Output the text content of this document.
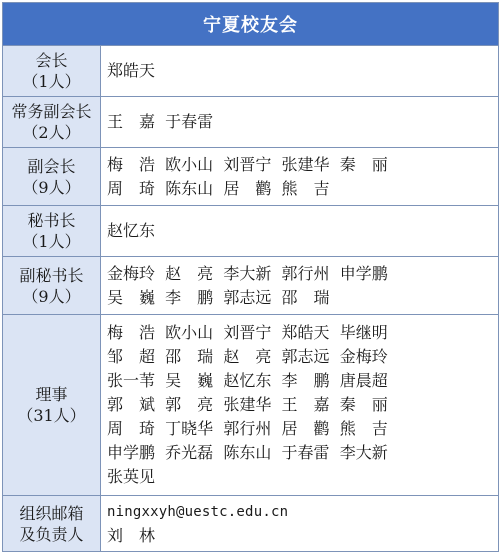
宁夏校友会
会长
（1人）
郑皓天
常务副会长
（2人）
王　嘉  于春雷
副会长
（9人）
梅　浩  欧小山  刘晋宁  张建华  秦　丽
周　琦  陈东山  居　鹳  熊　吉
秘书长
（1人）
赵忆东
副秘书长
（9人）
金梅玲  赵　亮  李大新  郭行州  申学鹏
吴　巍  李　鹏  郭志远  邵　瑞
理事
（31人）
梅　浩  欧小山  刘晋宁  郑皓天  毕继明
邹　超  邵　瑞  赵　亮  郭志远  金梅玲
张一苇  吴　巍  赵忆东  李　鹏  唐晨超
郭　斌  郭　亮  张建华  王　嘉  秦　丽
周　琦  丁晓华  郭行州  居　鹳  熊　吉
申学鹏  乔光磊  陈东山  于春雷  李大新
张英见
组织邮箱
及负责人
ningxxyh@uestc.edu.cn
刘　林
